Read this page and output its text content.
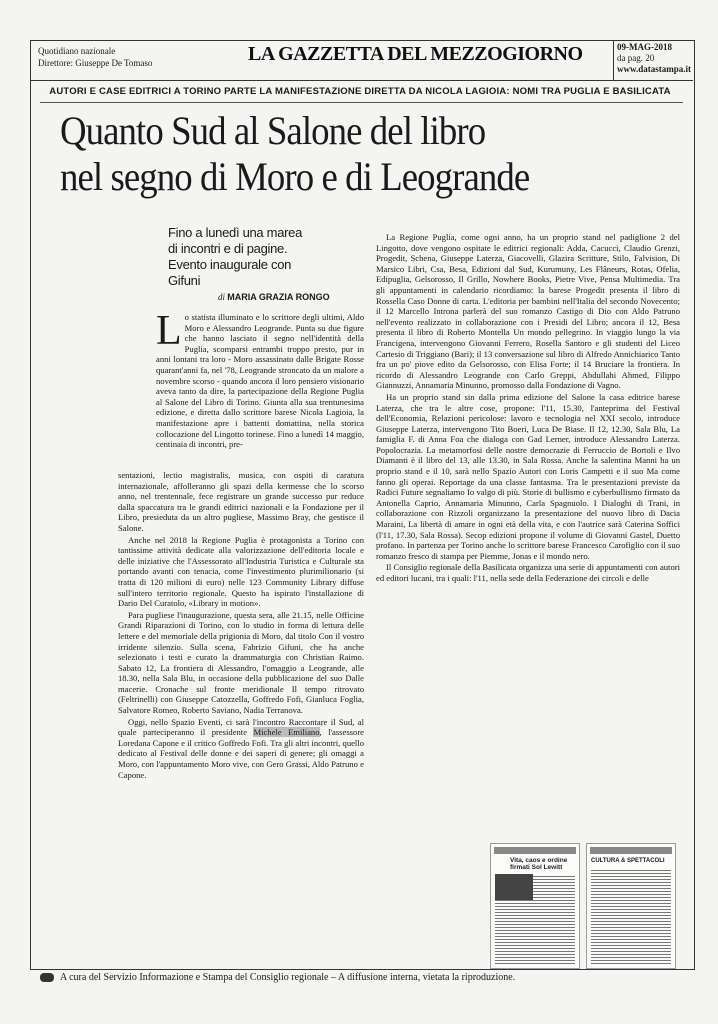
Quotidiano nazionale
Direttore: Giuseppe De Tomaso	LA GAZZETTA DEL MEZZOGIORNO	09-MAG-2018
da pag. 20
www.datastampa.it
AUTORI E CASE EDITRICI A TORINO PARTE LA MANIFESTAZIONE DIRETTA DA NICOLA LAGIOIA: NOMI TRA PUGLIA E BASILICATA
Quanto Sud al Salone del libro
nel segno di Moro e di Leogrande
Fino a lunedì una marea di incontri e di pagine. Evento inaugurale con Gifuni
di MARIA GRAZIA RONGO

Lo statista illuminato e lo scrittore degli ultimi, Aldo Moro e Alessandro Leogrande. Punta su due figure che hanno lasciato il segno nell'identità della Puglia, scomparsi entrambi troppo presto, pur in anni lontani tra loro - Moro assassinato dalle Brigate Rosse quarant'anni fa, nel '78, Leogrande stroncato da un malore a novembre scorso - quando ancora il loro pensiero visionario aveva tanto da dire, la partecipazione della Regione Puglia al Salone del Libro di Torino. Giunta alla sua trentunesima edizione, e diretta dallo scrittore barese Nicola Lagioia, la manifestazione apre i battenti domattina, nella storica collocazione del Lingotto torinese. Fino a lunedì 14 maggio, centinaia di incontri, pre-

sentazioni, lectio magistralis, musica, con ospiti di caratura internazionale, affolleranno gli spazi della kermesse che lo scorso anno, nel trentennale, fece registrare un grande successo pur reduce dalla spaccatura tra le grandi editrici nazionali e la Fondazione per il Libro, presieduta da un altro pugliese, Massimo Bray, che gestisce il Salone.

Anche nel 2018 la Regione Puglia è protagonista a Torino con tantissime attività dedicate alla valorizzazione dell'editoria locale e delle iniziative che l'Assessorato all'Industria Turistica e Culturale sta portando avanti con tenacia, come l'investimento plurimilionario (si tratta di 120 milioni di euro) nelle 123 Community Library diffuse sull'intero territorio regionale. Questo ha ispirato l'installazione di Dario Del Curatolo, «Library in motion».

Para pugliese l'inaugurazione, questa sera, alle 21.15, nelle Officine Grandi Riparazioni di Torino, con lo studio in forma di lettura delle lettere e del memoriale della prigionia di Moro, dal titolo Con il vostro irridente silenzio. Sulla scena, Fabrizio Gifuni, che ha anche selezionato i testi e curato la drammaturgia con Christian Raimo. Sabato 12, La frontiera di Alessandro, l'omaggio a Leogrande, alle 18.30, nella Sala Blu, in occasione della pubblicazione del suo Dalle macerie. Cronache sul fronte meridionale Il tempo ritrovato (Feltrinelli) con Giuseppe Catozzella, Goffredo Fofi, Gianluca Foglia, Salvatore Romeo, Roberto Saviano, Nadia Terranova.

Oggi, nello Spazio Eventi, ci sarà l'incontro Raccontare il Sud, al quale parteciperanno il presidente Michele Emiliano, l'assessore Loredana Capone e il critico Goffredo Fofi. Tra gli altri incontri, quello dedicato al Festival delle donne e dei saperi di genere; gli omaggi a Moro, con l'appuntamento Moro vive, con Gero Grassi, Aldo Patruno e Capone.

La Regione Puglia, come ogni anno, ha un proprio stand nel padiglione 2 del Lingotto, dove vengono ospitate le editrici regionali: Adda, Cacucci, Claudio Grenzi, Progedit, Schena, Giuseppe Laterza, Giacovelli, Glazira Scritture, Stilo, Falvision, Di Marsico Libri, Csa, Besa, Edizioni dal Sud, Kurumuny, Les Flâneurs, Rotas, Ofelia, Edipuglia, Gelsorosso, Il Grillo, Nowhere Books, Pietre Vive, Pensa Multimedia. Tra gli appuntamenti in calendario ricordiamo: la barese Progedit presenta il libro di Rossella Caso Donne di carta. L'editoria per bambini nell'Italia del secondo Novecento; il 12 Marcello Introna parlerà del suo romanzo Castigo di Dio con Aldo Patruno nell'evento realizzato in collaborazione con i Presidi del Libro; ancora il 12, Besa presenta il libro di Roberto Montella Un mondo pellegrino. In viaggio lungo la via Francigena, intervengono Giovanni Ferrero, Rosella Santoro e gli studenti del Liceo Cartesio di Triggiano (Bari); il 13 conversazione sul libro di Alfredo Annichiarico Tanto fra un po' piove edito da Gelsorosso, con Elisa Forte; il 14 Bruciare la frontiera. In ricordo di Alessandro Leogrande con Carlo Greppi, Abdullahi Ahmed, Filippo Giannuzzi, Annamaria Minunno, promosso dalla Fondazione di Vagno.

Ha un proprio stand sin dalla prima edizione del Salone la casa editrice barese Laterza, che tra le altre cose, propone: l'11, 15.30, l'anteprima del Festival dell'Economia, Relazioni pericolose: lavoro e tecnologia nel XXI secolo, introduce Giuseppe Laterza, intervengono Tito Boeri, Luca De Biase. Il 12, 12.30, Sala Blu, La famiglia F. di Anna Foa che dialoga con Gad Lerner, introduce Alessandro Laterza. Popolocrazia. La metamorfosi delle nostre democrazie di Ferruccio de Bortoli e Ilvo Diamanti è il libro del 13, alle 13.30, in Sala Rossa. Anche la salentina Manni ha un proprio stand e il 10, sarà nello Spazio Autori con Loris Campetti e il suo Ma come fanno gli operai. Reportage da una classe fantasma. Tra le presentazioni previste da Radici Future segnaliamo Io valgo di più. Storie di bullismo e cyberbullismo firmato da Antonella Caprio, Annamaria Minunno, Carla Spagnuolo. I Dialoghi di Trani, in collaborazione con Rizzoli organizzano la presentazione del nuovo libro di Dacia Maraini, La libertà di amare in ogni età della vita, e con l'autrice sarà Caterina Soffici (l'11, 17.30, Sala Rossa). Secop edizioni propone il volume di Giovanni Gastel, Duetto profano. In partenza per Torino anche lo scrittore barese Francesco Carofiglio con il suo romanzo fresco di stampa per Piemme, Jonas e il mondo nero.

Il Consiglio regionale della Basilicata organizza una serie di appuntamenti con autori ed editori lucani, tra i quali: l'11, nella sede della Federazione dei circoli e delle

CULTURA & SPETTACOLI
Vita, caos e ordine firmati Sol Lewitt
A cura del Servizio Informazione e Stampa del Consiglio regionale – A diffusione interna, vietata la riproduzione.
